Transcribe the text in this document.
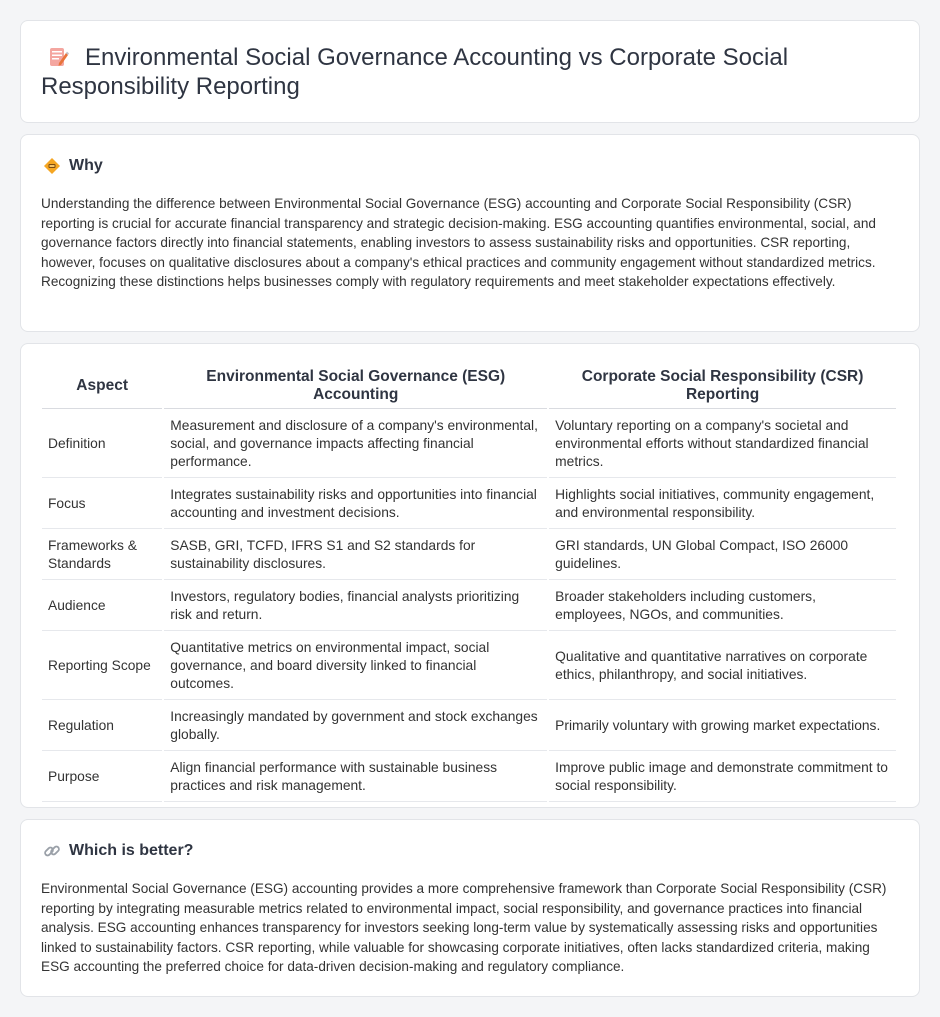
Environmental Social Governance Accounting vs Corporate Social Responsibility Reporting
Why

Understanding the difference between Environmental Social Governance (ESG) accounting and Corporate Social Responsibility (CSR) reporting is crucial for accurate financial transparency and strategic decision-making. ESG accounting quantifies environmental, social, and governance factors directly into financial statements, enabling investors to assess sustainability risks and opportunities. CSR reporting, however, focuses on qualitative disclosures about a company's ethical practices and community engagement without standardized metrics. Recognizing these distinctions helps businesses comply with regulatory requirements and meet stakeholder expectations effectively.

Aspect	Environmental Social Governance (ESG) Accounting	Corporate Social Responsibility (CSR) Reporting
Definition	Measurement and disclosure of a company's environmental, social, and governance impacts affecting financial performance.	Voluntary reporting on a company's societal and environmental efforts without standardized financial metrics.
Focus	Integrates sustainability risks and opportunities into financial accounting and investment decisions.	Highlights social initiatives, community engagement, and environmental responsibility.
Frameworks & Standards	SASB, GRI, TCFD, IFRS S1 and S2 standards for sustainability disclosures.	GRI standards, UN Global Compact, ISO 26000 guidelines.
Audience	Investors, regulatory bodies, financial analysts prioritizing risk and return.	Broader stakeholders including customers, employees, NGOs, and communities.
Reporting Scope	Quantitative metrics on environmental impact, social governance, and board diversity linked to financial outcomes.	Qualitative and quantitative narratives on corporate ethics, philanthropy, and social initiatives.
Regulation	Increasingly mandated by government and stock exchanges globally.	Primarily voluntary with growing market expectations.
Purpose	Align financial performance with sustainable business practices and risk management.	Improve public image and demonstrate commitment to social responsibility.
Which is better?

Environmental Social Governance (ESG) accounting provides a more comprehensive framework than Corporate Social Responsibility (CSR) reporting by integrating measurable metrics related to environmental impact, social responsibility, and governance practices into financial analysis. ESG accounting enhances transparency for investors seeking long-term value by systematically assessing risks and opportunities linked to sustainability factors. CSR reporting, while valuable for showcasing corporate initiatives, often lacks standardized criteria, making ESG accounting the preferred choice for data-driven decision-making and regulatory compliance.
